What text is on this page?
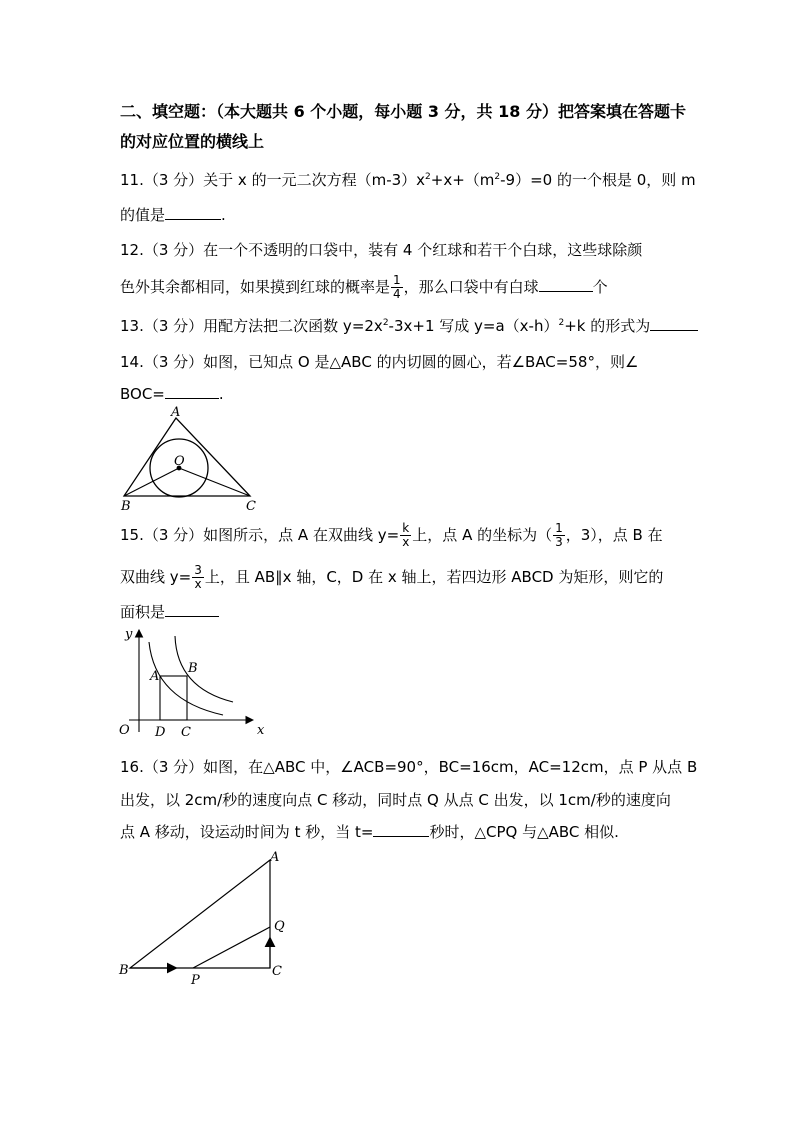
二、填空题：（本大题共 6 个小题，每小题 3 分，共 18 分）把答案填在答题卡
的对应位置的横线上
11.（3 分）关于 x 的一元二次方程$(m-3)x^2+x+(m^2-9)=0$ 的一个根是 0，则 m
的值是	.
12.（3 分）在一个不透明的口袋中，装有 4 个红球和若干个白球，这些球除颜
色外其余都相同，如果摸到红球的概率是 $\frac{1}{4}$ ，那么口袋中有白球	个
13.（3 分）用配方法把二次函数 $y=2x^2-3x+1$ 写成 $y=a(x-h)^2+k$ 的形式为
14.（3 分）如图，已知点 O 是△ABC 的内切圆的圆心，若∠BAC=58°，则∠
BOC=	.
A
B	C
O
15.（3 分）如图所示，点 A 在双曲线 $y= \frac{k}{x}$ 上，点 A 的坐标为（ $\frac{1}{3}$ ，3），点 B 在
双曲线 $y= \frac{3}{x}$ 上，且 AB∥x 轴，C，D 在 x 轴上，若四边形 ABCD 为矩形，则它的
面积是
y
x
O
A
B
D C
16.（3 分）如图，在△ABC 中，∠ACB=90°，BC=16cm，AC=12cm，点 P 从点 B
出发，以 2cm/秒的速度向点 C 移动，同时点 Q 从点 C 出发，以 1cm/秒的速度向
点 A 移动，设运动时间为 t 秒，当 t=	秒时，△CPQ 与△ABC 相似.
A
B	C
P
Q
